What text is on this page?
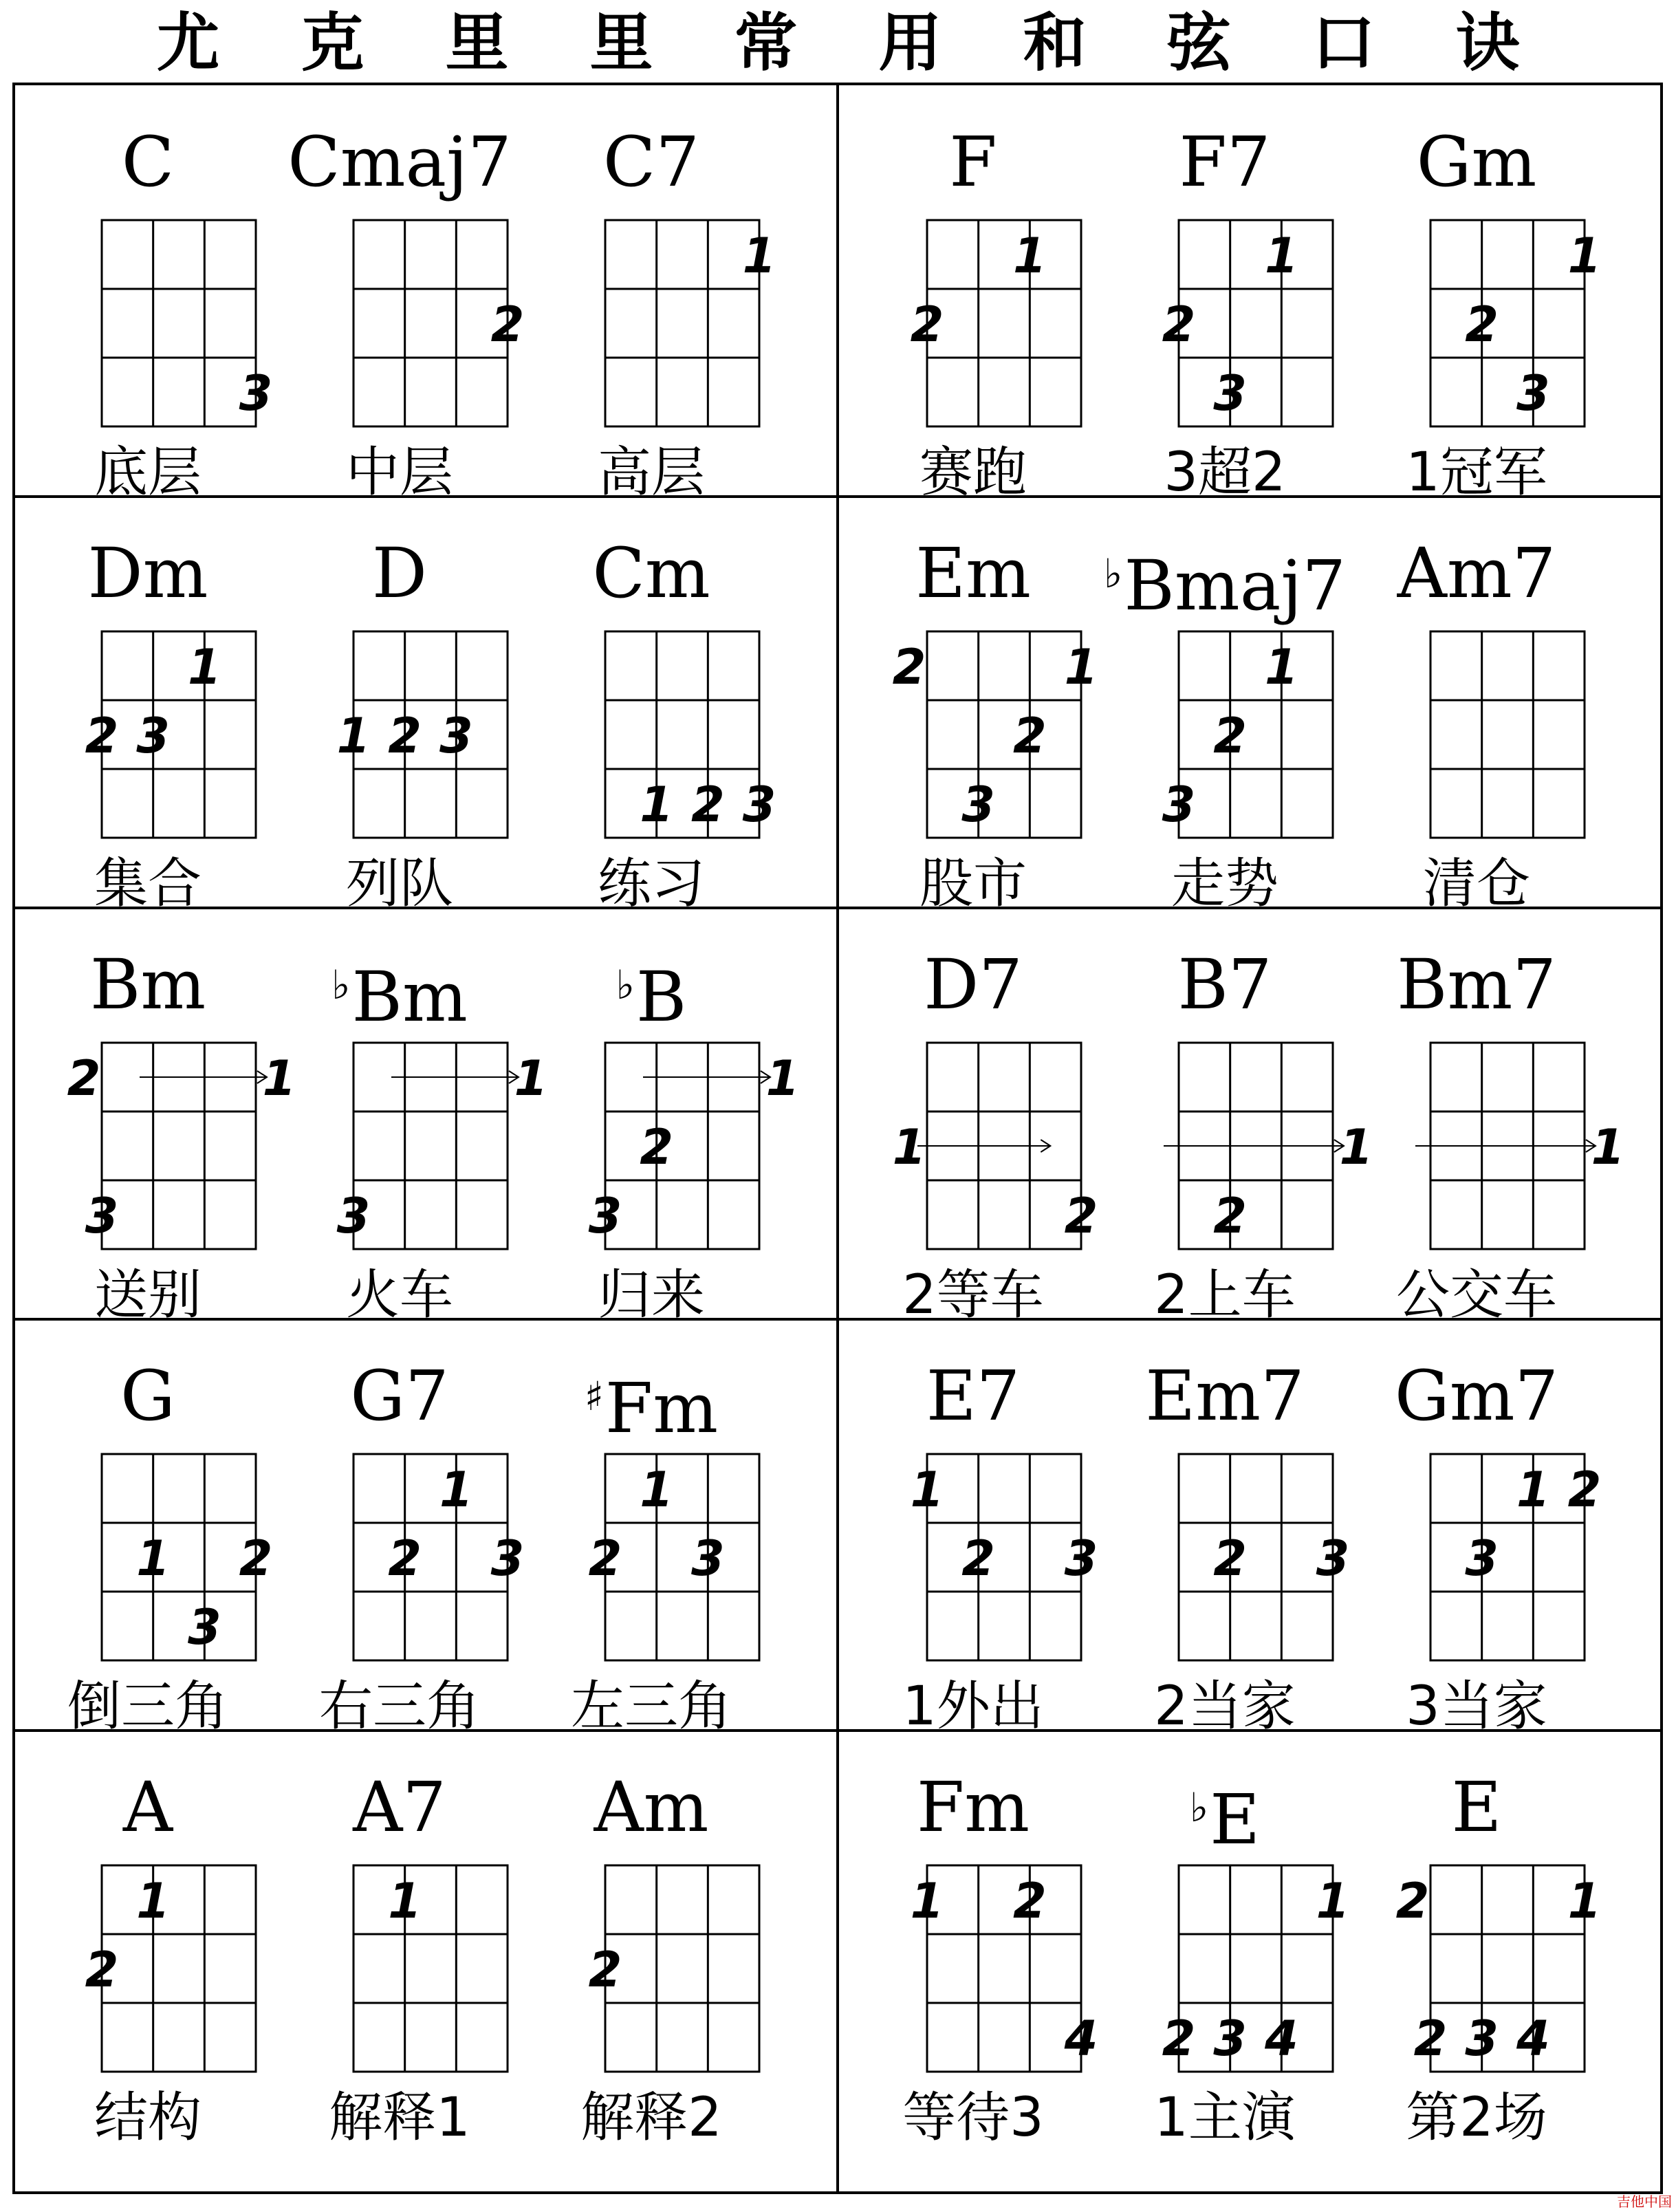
尤克里里常用和弦口诀
C
3
底层
Cmaj7
2
中层
C7
1
高层
F
2
1
赛跑
F7
2
3
1
3超2
Gm
2
3
1
1冠军
Dm
2 3
1
集合
D
1 2 3
列队
Cm
1 2 3
练习
Em
2
3
2
1
股市
♭Bmaj7
3
2
1
走势
Am7
清仓
Bm
2
3
1
送别
♭Bm
3
1
火车
♭B
3
2
1
归来
D7
1
2
2等车
B7
2
1
2上车
Bm7
1
公交车
G
1
3
2
倒三角
G7
2
1
3
右三角
♯Fm
2
1
3
左三角
E7
1
2 3
1外出
Em7
2 3
2当家
Gm7
3
1 2
3当家
A
2
1
结构
A7
1
解释1
Am
2
解释2
Fm
1 2
4
等待3
♭E
2 3 4
1
1主演
E
2
2 3 4
1
第2场
吉他中国
